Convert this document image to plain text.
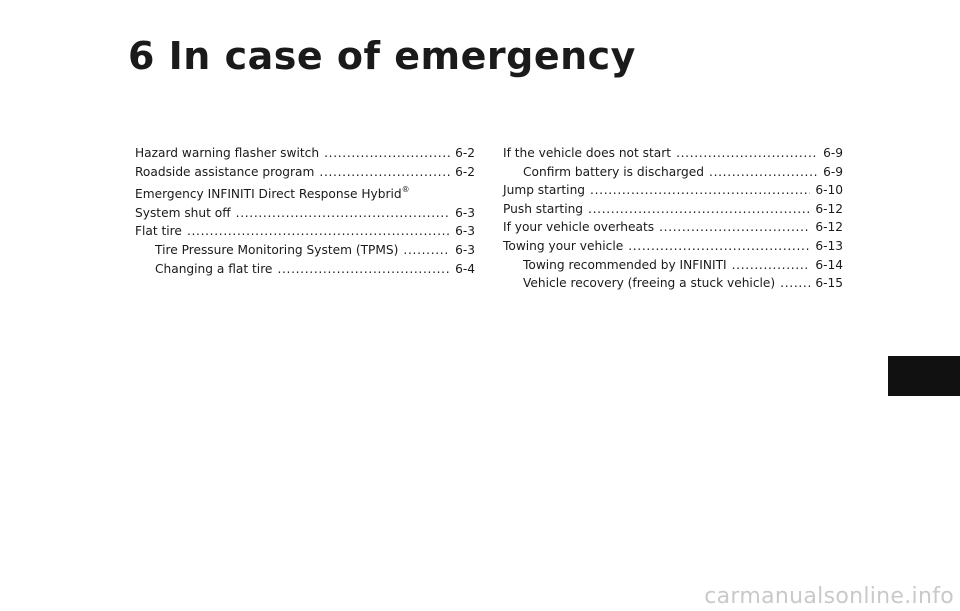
6 In case of emergency
Hazard warning flasher switch . . .	6-2
Roadside assistance program . . .	6-2
Emergency INFINITI Direct Response Hybrid®
System shut off . . .	6-3
Flat tire . . .	6-3
Tire Pressure Monitoring System (TPMS) . . .	6-3
Changing a flat tire . . .	6-4
If the vehicle does not start . . .	6-9
Confirm battery is discharged . . .	6-9
Jump starting . . .	6-10
Push starting . . .	6-12
If your vehicle overheats . . .	6-12
Towing your vehicle . . .	6-13
Towing recommended by INFINITI . . .	6-14
Vehicle recovery (freeing a stuck vehicle) . . .	6-15
carmanualsonline.info
